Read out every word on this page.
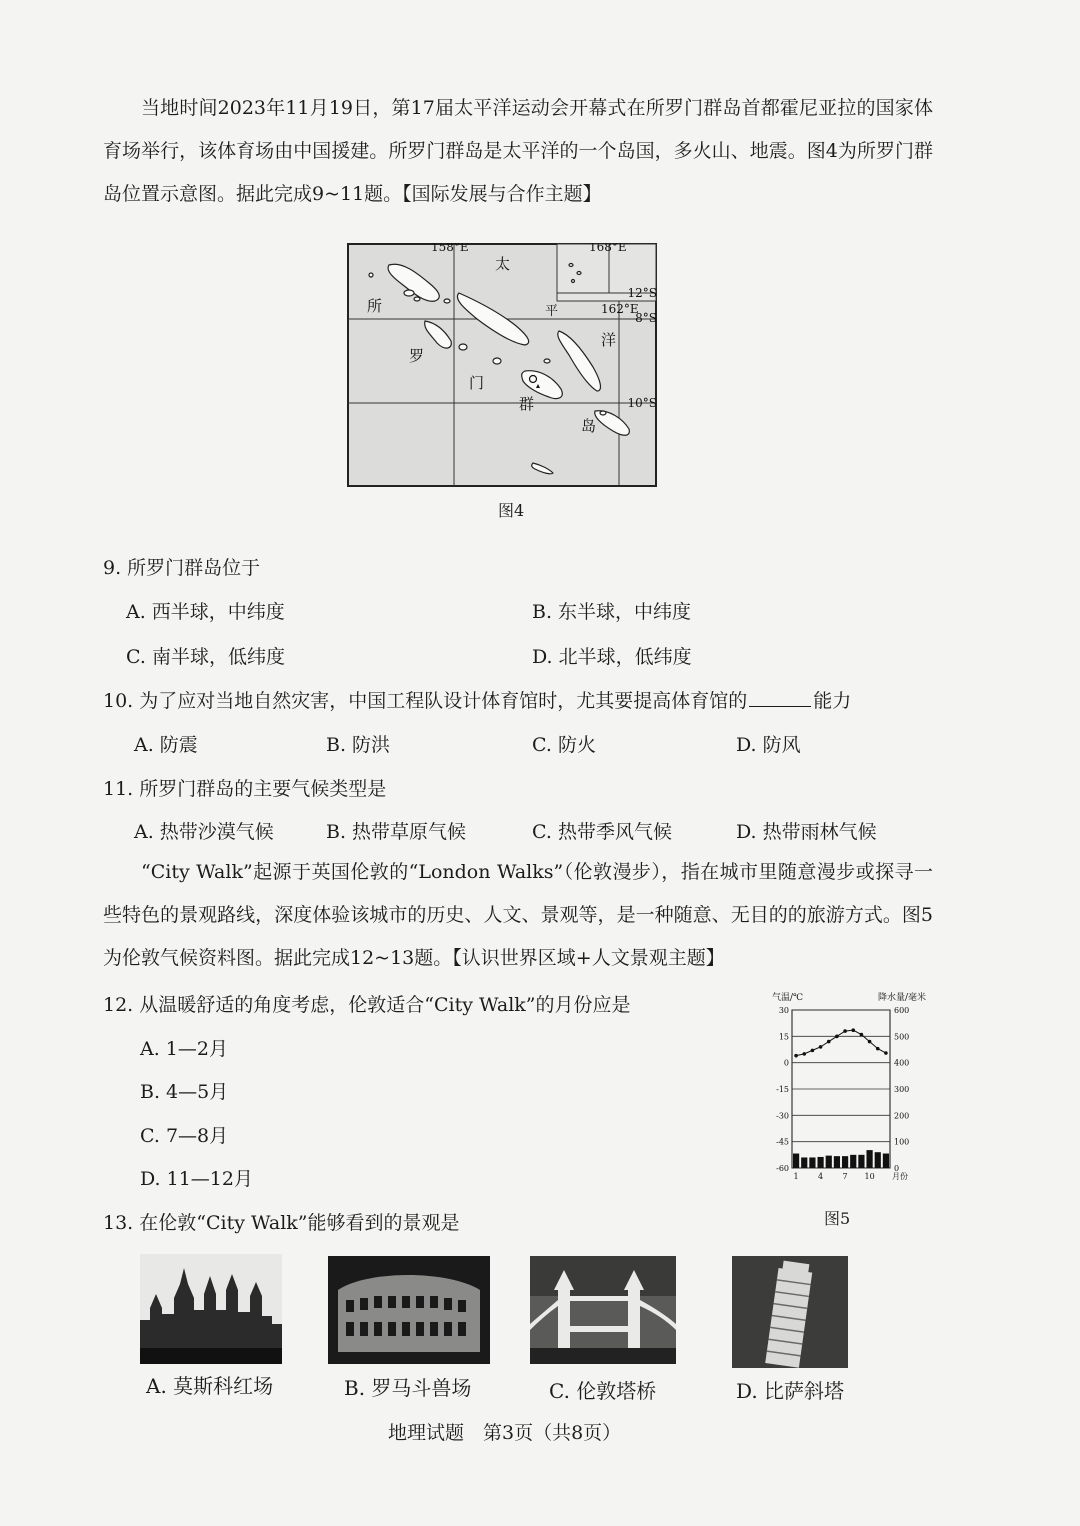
当地时间2023年11月19日，第17届太平洋运动会开幕式在所罗门群岛首都霍尼亚拉的国家体育场举行，该体育场由中国援建。所罗门群岛是太平洋的一个岛国，多火山、地震。图4为所罗门群岛位置示意图。据此完成9~11题。【国际发展与合作主题】
158°E	168°E
162°E
12°S
8°S
10°S
太
平
洋
所
罗
门
群
岛
图4
9. 所罗门群岛位于
A. 西半球，中纬度	B. 东半球，中纬度
C. 南半球，低纬度	D. 北半球，低纬度
10. 为了应对当地自然灾害，中国工程队设计体育馆时，尤其要提高体育馆的	能力
A. 防震	B. 防洪	C. 防火	D. 防风
11. 所罗门群岛的主要气候类型是
A. 热带沙漠气候	B. 热带草原气候	C. 热带季风气候	D. 热带雨林气候
“City Walk”起源于英国伦敦的“London Walks”（伦敦漫步），指在城市里随意漫步或探寻一些特色的景观路线，深度体验该城市的历史、人文、景观等，是一种随意、无目的的旅游方式。图5为伦敦气候资料图。据此完成12~13题。【认识世界区域+人文景观主题】
12. 从温暖舒适的角度考虑，伦敦适合“City Walk”的月份应是
A. 1—2月
B. 4—5月
C. 7—8月
D. 11—12月
气温/℃	降水量/毫米
30
15
0
-15
-30
-45
-60
600
500
400
300
200
100
0
1 4 7 10 月份
图5
13. 在伦敦“City Walk”能够看到的景观是
A. 莫斯科红场	B. 罗马斗兽场	C. 伦敦塔桥	D. 比萨斜塔
地理试题　第3页（共8页）
